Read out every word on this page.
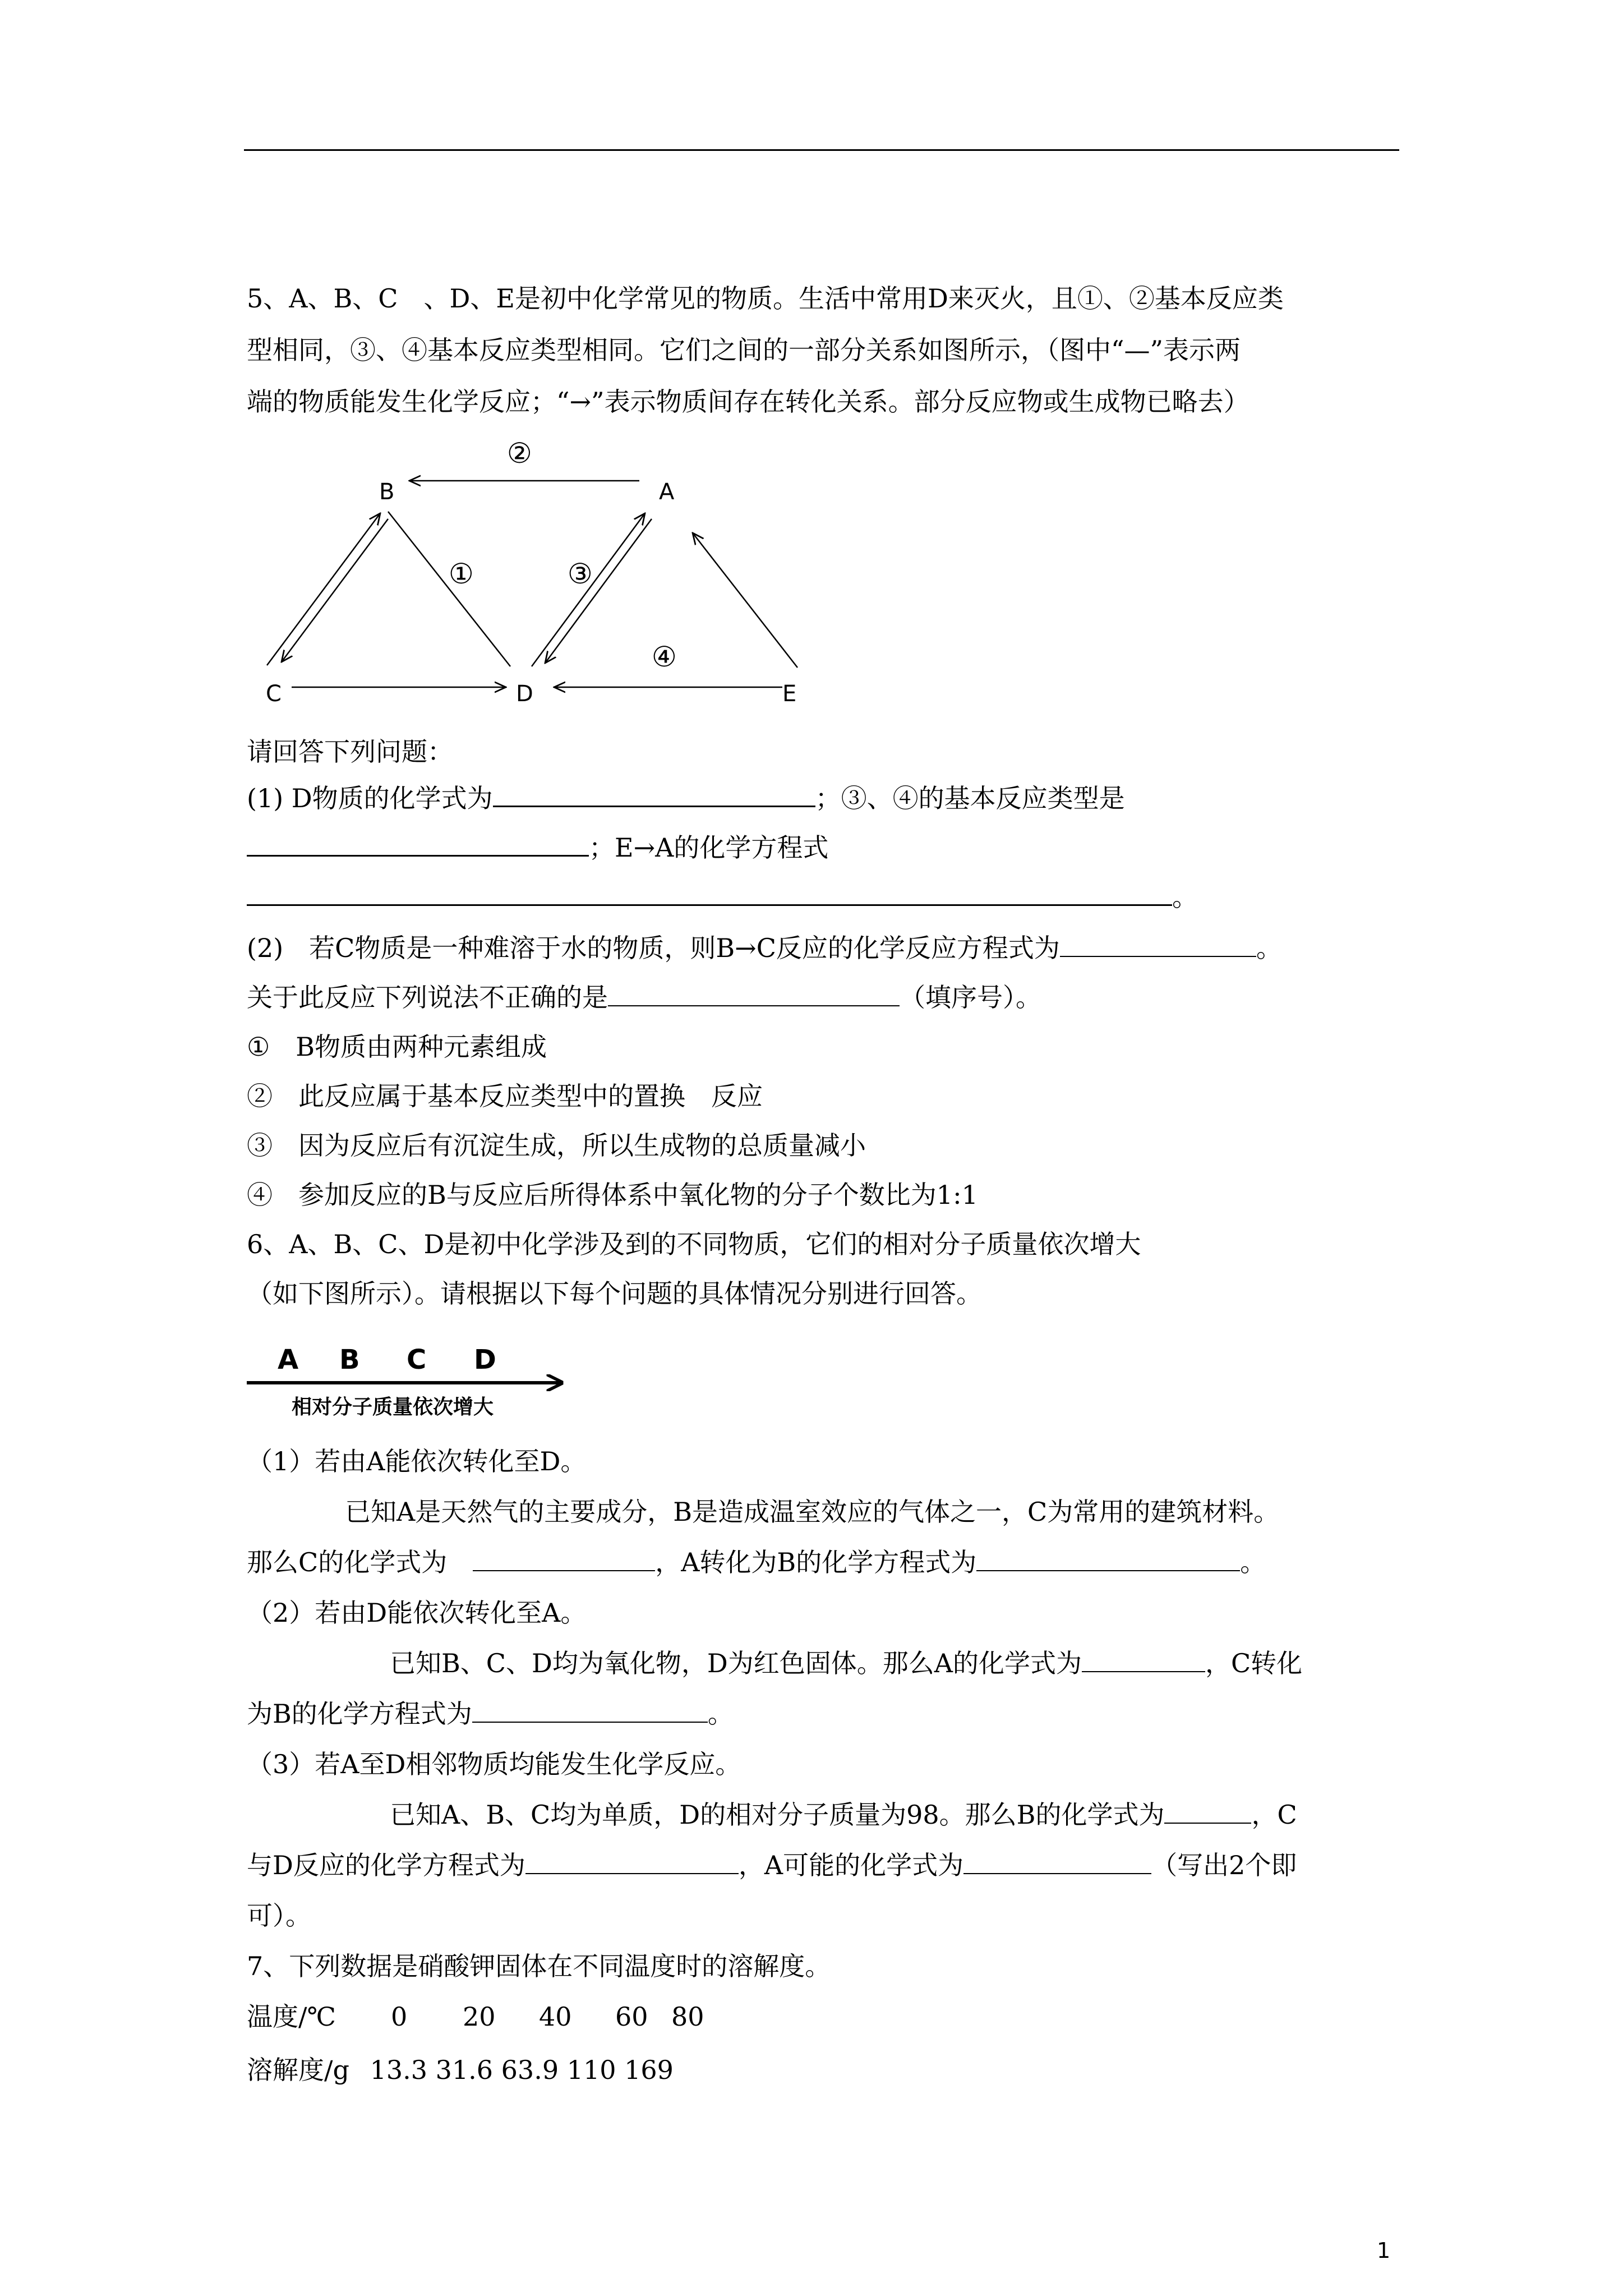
5、A、B、C　、D、E是初中化学常见的物质。生活中常用D来灭火，且①、②基本反应类
型相同，③、④基本反应类型相同。它们之间的一部分关系如图所示，（图中“—”表示两
端的物质能发生化学反应；“→”表示物质间存在转化关系。部分反应物或生成物已略去）
B	A
C	D	E
②
①	③
④
请回答下列问题：
(1) D物质的化学式为	；③、④的基本反应类型是
；E→A的化学方程式
。
(2)　若C物质是一种难溶于水的物质，则B→C反应的化学反应方程式为	。
关于此反应下列说法不正确的是	（填序号）。
①　B物质由两种元素组成
②　此反应属于基本反应类型中的置换　反应
③　因为反应后有沉淀生成，所以生成物的总质量减小
④　参加反应的B与反应后所得体系中氧化物的分子个数比为1:1
6、A、B、C、D是初中化学涉及到的不同物质，它们的相对分子质量依次增大
（如下图所示）。请根据以下每个问题的具体情况分别进行回答。
A B C D
相对分子质量依次增大
（1）若由A能依次转化至D。
已知A是天然气的主要成分，B是造成温室效应的气体之一，C为常用的建筑材料。
那么C的化学式为　	，A转化为B的化学方程式为	。
（2）若由D能依次转化至A。
已知B、C、D均为氧化物，D为红色固体。那么A的化学式为	，C转化
为B的化学方程式为	。
（3）若A至D相邻物质均能发生化学反应。
已知A、B、C均为单质，D的相对分子质量为98。那么B的化学式为	，C
与D反应的化学方程式为	，A可能的化学式为	（写出2个即
可）。
7、下列数据是硝酸钾固体在不同温度时的溶解度。
温度/℃ 0 20 40 60 80
溶解度/g 13.3 31.6 63.9 110 169
1
